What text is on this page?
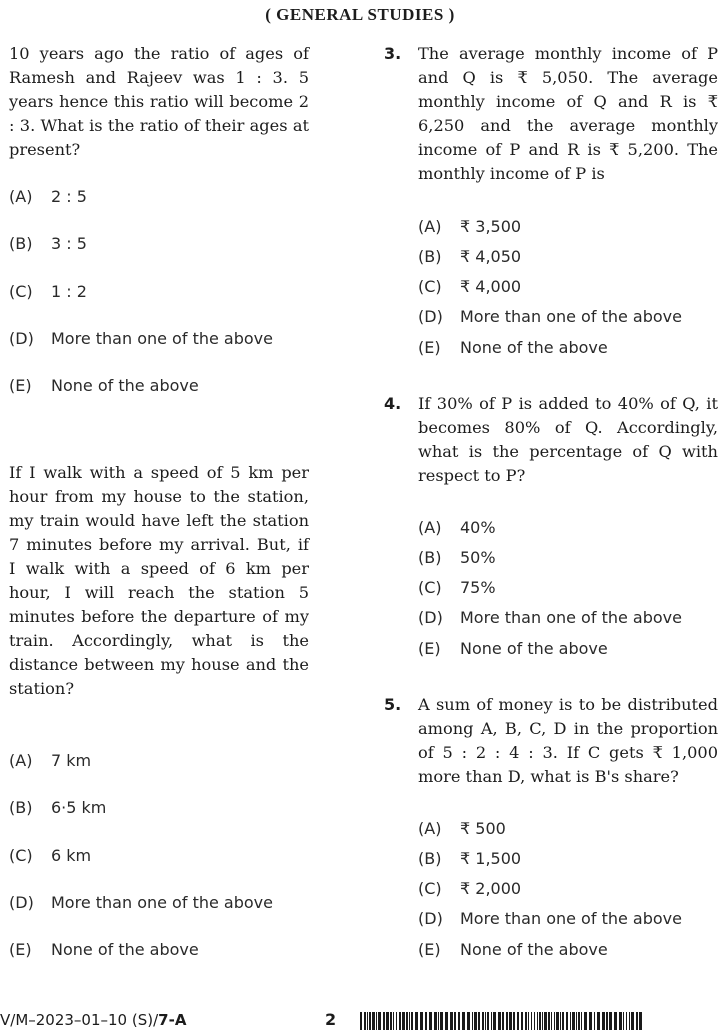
( GENERAL STUDIES )
10 years ago the ratio of ages of Ramesh and Rajeev was 1 : 3. 5 years hence this ratio will become 2 : 3. What is the ratio of their ages at present?
(A) 2 : 5
(B) 3 : 5
(C) 1 : 2
(D) More than one of the above
(E) None of the above
If I walk with a speed of 5 km per hour from my house to the station, my train would have left the station 7 minutes before my arrival. But, if I walk with a speed of 6 km per hour, I will reach the station 5 minutes before the departure of my train. Accordingly, what is the distance between my house and the station?
(A) 7 km
(B) 6·5 km
(C) 6 km
(D) More than one of the above
(E) None of the above
3. The average monthly income of P and Q is ₹ 5,050. The average monthly income of Q and R is ₹ 6,250 and the average monthly income of P and R is ₹ 5,200. The monthly income of P is
(A) ₹ 3,500
(B) ₹ 4,050
(C) ₹ 4,000
(D) More than one of the above
(E) None of the above
4. If 30% of P is added to 40% of Q, it becomes 80% of Q. Accordingly, what is the percentage of Q with respect to P?
(A) 40%
(B) 50%
(C) 75%
(D) More than one of the above
(E) None of the above
5. A sum of money is to be distributed among A, B, C, D in the proportion of 5 : 2 : 4 : 3. If C gets ₹ 1,000 more than D, what is B's share?
(A) ₹ 500
(B) ₹ 1,500
(C) ₹ 2,000
(D) More than one of the above
(E) None of the above
V/M–2023–01–10 (S)/7-A	2
